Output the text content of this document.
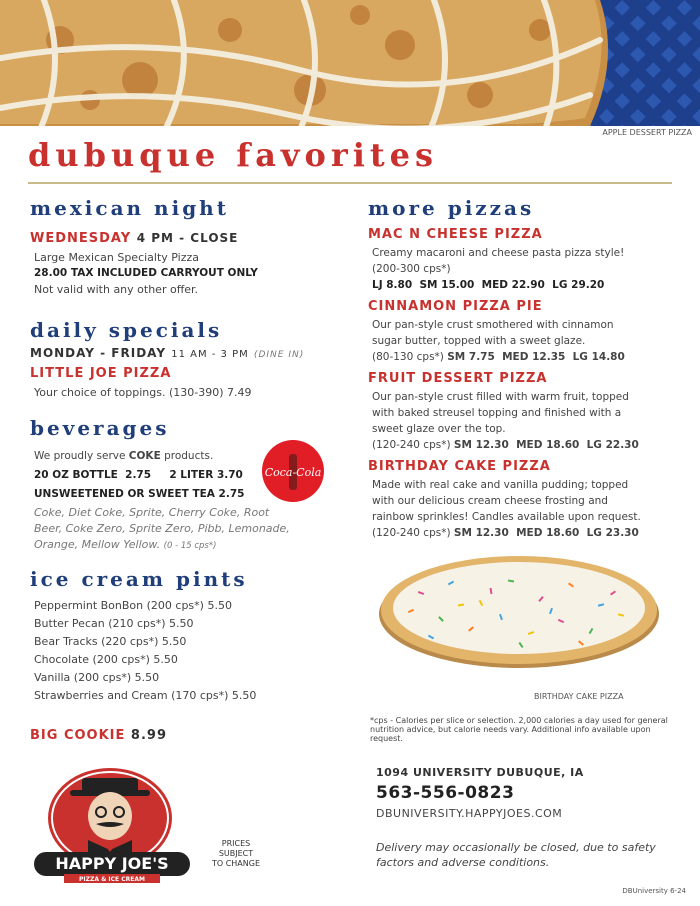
APPLE DESSERT PIZZA
dubuque favorites
mexican night
WEDNESDAY 4 PM - CLOSE
Large Mexican Specialty Pizza
28.00 TAX INCLUDED CARRYOUT ONLY
Not valid with any other offer.
daily specials
MONDAY - FRIDAY 11 AM - 3 PM (DINE IN)
LITTLE JOE PIZZA
Your choice of toppings. (130-390) 7.49
beverages
We proudly serve COKE products.
20 OZ BOTTLE  2.75     2 LITER 3.70
UNSWEETENED OR SWEET TEA 2.75
Coke, Diet Coke, Sprite, Cherry Coke, Root
Beer, Coke Zero, Sprite Zero, Pibb, Lemonade,
Orange, Mellow Yellow. (0 - 15 cps*)
Coca-Cola
ice cream pints
Peppermint BonBon (200 cps*) 5.50
Butter Pecan (210 cps*) 5.50
Bear Tracks (220 cps*) 5.50
Chocolate (200 cps*) 5.50
Vanilla (200 cps*) 5.50
Strawberries and Cream (170 cps*) 5.50
BIG COOKIE 8.99
HAPPY JOE'S
PIZZA & ICE CREAM
PRICES
SUBJECT
TO CHANGE
more pizzas
MAC N CHEESE PIZZA
Creamy macaroni and cheese pasta pizza style!
(200-300 cps*)
LJ 8.80  SM 15.00  MED 22.90  LG 29.20
CINNAMON PIZZA PIE
Our pan-style crust smothered with cinnamon
sugar butter, topped with a sweet glaze.
(80-130 cps*) SM 7.75  MED 12.35  LG 14.80
FRUIT DESSERT PIZZA
Our pan-style crust filled with warm fruit, topped
with baked streusel topping and finished with a
sweet glaze over the top.
(120-240 cps*) SM 12.30  MED 18.60  LG 22.30
BIRTHDAY CAKE PIZZA
Made with real cake and vanilla pudding; topped
with our delicious cream cheese frosting and
rainbow sprinkles! Candles available upon request.
(120-240 cps*) SM 12.30  MED 18.60  LG 23.30
BIRTHDAY CAKE PIZZA
*cps - Calories per slice or selection. 2,000 calories a day used for general nutrition advice, but calorie needs vary. Additional info available upon request.
1094 UNIVERSITY DUBUQUE, IA
563-556-0823
DBUNIVERSITY.HAPPYJOES.COM
Delivery may occasionally be closed, due to safety factors and adverse conditions.
DBUniversity 6-24
